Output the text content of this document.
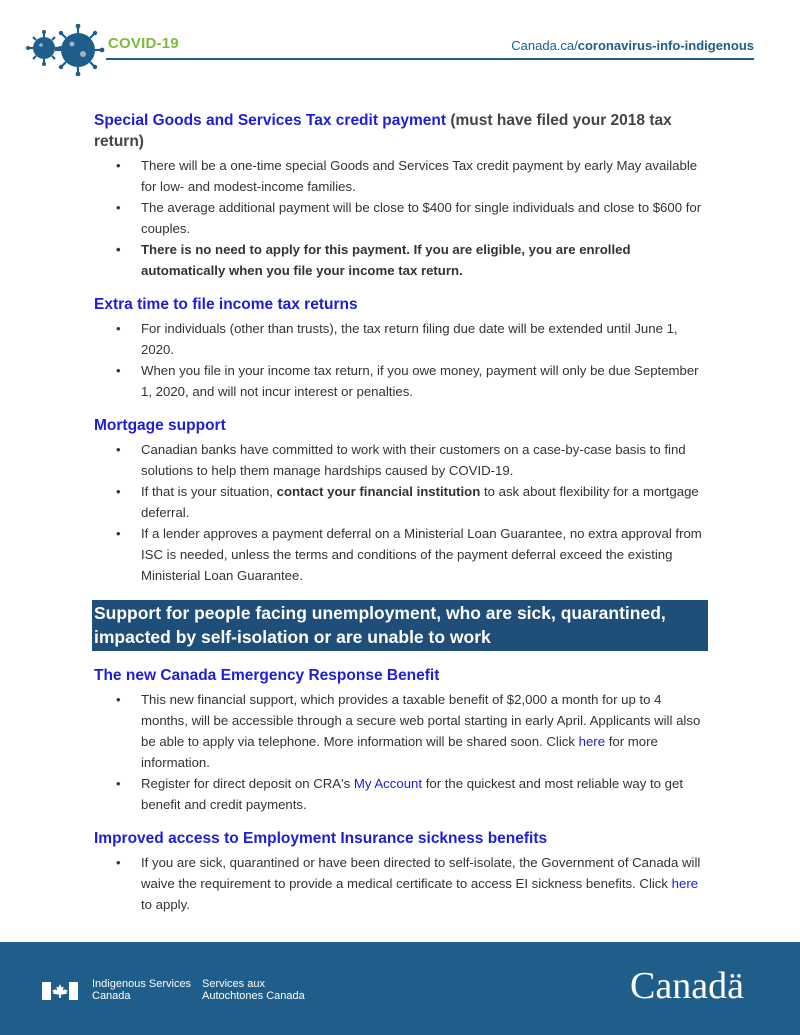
COVID-19	Canada.ca/coronavirus-info-indigenous
Special Goods and Services Tax credit payment (must have filed your 2018 tax return)
• There will be a one-time special Goods and Services Tax credit payment by early May available for low- and modest-income families.
• The average additional payment will be close to $400 for single individuals and close to $600 for couples.
• There is no need to apply for this payment. If you are eligible, you are enrolled automatically when you file your income tax return.
Extra time to file income tax returns
• For individuals (other than trusts), the tax return filing due date will be extended until June 1, 2020.
• When you file in your income tax return, if you owe money, payment will only be due September 1, 2020, and will not incur interest or penalties.
Mortgage support
• Canadian banks have committed to work with their customers on a case-by-case basis to find solutions to help them manage hardships caused by COVID-19.
• If that is your situation, contact your financial institution to ask about flexibility for a mortgage deferral.
• If a lender approves a payment deferral on a Ministerial Loan Guarantee, no extra approval from ISC is needed, unless the terms and conditions of the payment deferral exceed the existing Ministerial Loan Guarantee.
Support for people facing unemployment, who are sick, quarantined, impacted by self-isolation or are unable to work
The new Canada Emergency Response Benefit
• This new financial support, which provides a taxable benefit of $2,000 a month for up to 4 months, will be accessible through a secure web portal starting in early April. Applicants will also be able to apply via telephone. More information will be shared soon. Click here for more information.
• Register for direct deposit on CRA's My Account for the quickest and most reliable way to get benefit and credit payments.
Improved access to Employment Insurance sickness benefits
• If you are sick, quarantined or have been directed to self-isolate, the Government of Canada will waive the requirement to provide a medical certificate to access EI sickness benefits. Click here to apply.
Indigenous Services
Canada
Services aux
Autochtones Canada	Canadä
